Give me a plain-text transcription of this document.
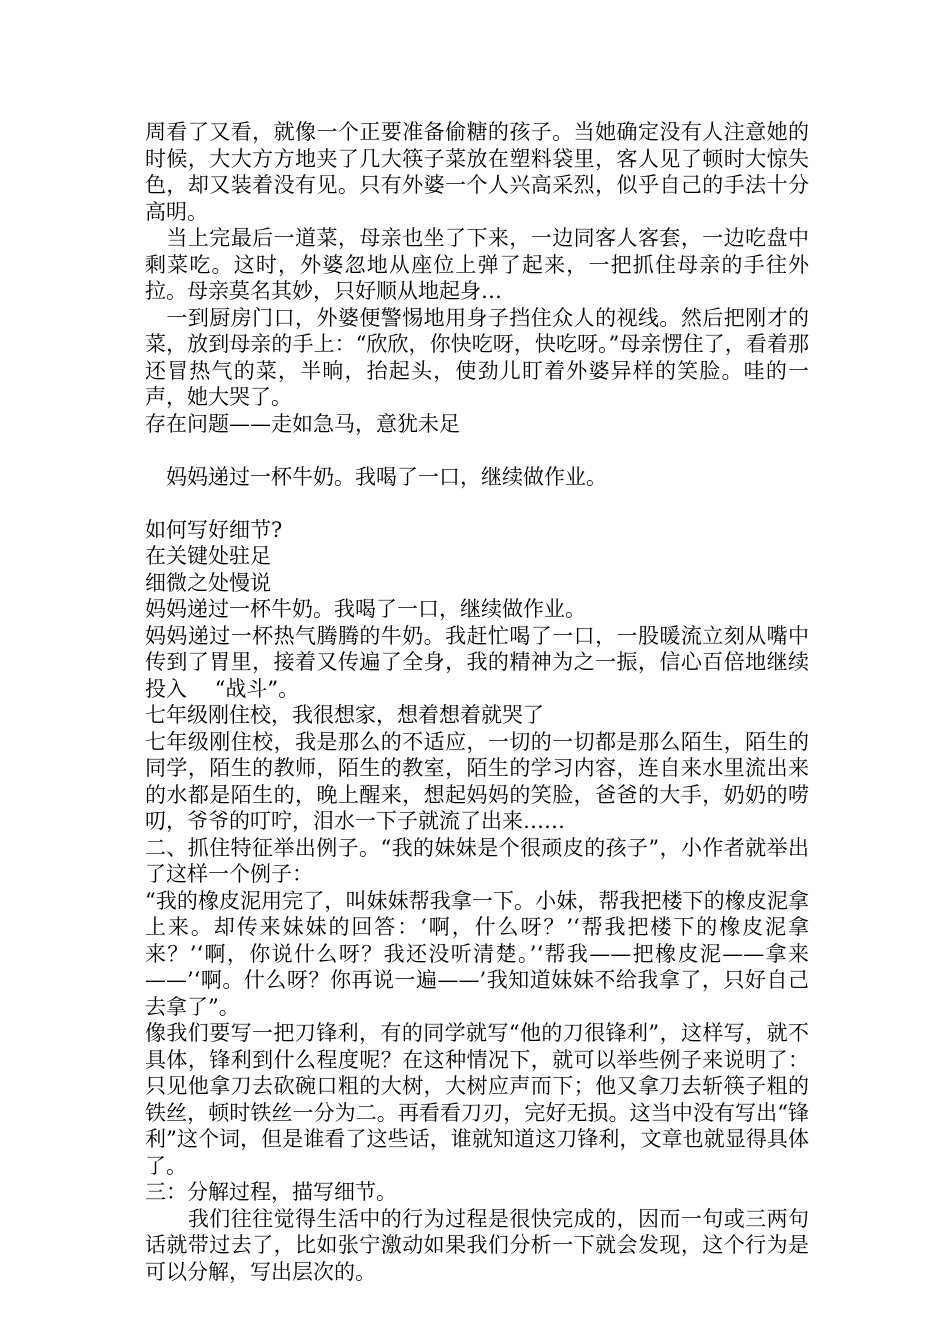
周看了又看，就像一个正要准备偷糖的孩子。当她确定没有人注意她的时候，大大方方地夹了几大筷子菜放在塑料袋里，客人见了顿时大惊失色，却又装着没有见。只有外婆一个人兴高采烈，似乎自己的手法十分高明。

　当上完最后一道菜，母亲也坐了下来，一边同客人客套，一边吃盘中剩菜吃。这时，外婆忽地从座位上弹了起来，一把抓住母亲的手往外拉。母亲莫名其妙，只好顺从地起身…

　一到厨房门口，外婆便警惕地用身子挡住众人的视线。然后把刚才的菜，放到母亲的手上：“欣欣，你快吃呀，快吃呀。”母亲愣住了，看着那还冒热气的菜，半晌，抬起头，使劲儿盯着外婆异样的笑脸。哇的一声，她大哭了。

存在问题——走如急马，意犹未足

　妈妈递过一杯牛奶。我喝了一口，继续做作业。

如何写好细节?

在关键处驻足

细微之处慢说

妈妈递过一杯牛奶。我喝了一口，继续做作业。

妈妈递过一杯热气腾腾的牛奶。我赶忙喝了一口，一股暖流立刻从嘴中传到了胃里，接着又传遍了全身，我的精神为之一振，信心百倍地继续投入　 “战斗”。

七年级刚住校，我很想家，想着想着就哭了

七年级刚住校，我是那么的不适应，一切的一切都是那么陌生，陌生的同学，陌生的教师，陌生的教室，陌生的学习内容，连自来水里流出来的水都是陌生的，晚上醒来，想起妈妈的笑脸，爸爸的大手，奶奶的唠叨，爷爷的叮咛，泪水一下子就流了出来……

二、抓住特征举出例子。“我的妹妹是个很顽皮的孩子”，小作者就举出了这样一个例子：

“我的橡皮泥用完了，叫妹妹帮我拿一下。小妹，帮我把楼下的橡皮泥拿上来。却传来妹妹的回答：‘啊，什么呀？’‘帮我把楼下的橡皮泥拿来？’‘啊，你说什么呀？我还没听清楚。’‘帮我——把橡皮泥——拿来——’‘啊。什么呀？你再说一遍——’我知道妹妹不给我拿了，只好自己去拿了”。

像我们要写一把刀锋利，有的同学就写“他的刀很锋利”，这样写，就不具体，锋利到什么程度呢？在这种情况下，就可以举些例子来说明了：只见他拿刀去砍碗口粗的大树，大树应声而下；他又拿刀去斩筷子粗的铁丝，顿时铁丝一分为二。再看看刀刃，完好无损。这当中没有写出“锋利”这个词，但是谁看了这些话，谁就知道这刀锋利，文章也就显得具体了。

三：分解过程，描写细节。

　　我们往往觉得生活中的行为过程是很快完成的，因而一句或三两句话就带过去了，比如张宁激动如果我们分析一下就会发现，这个行为是可以分解，写出层次的。
